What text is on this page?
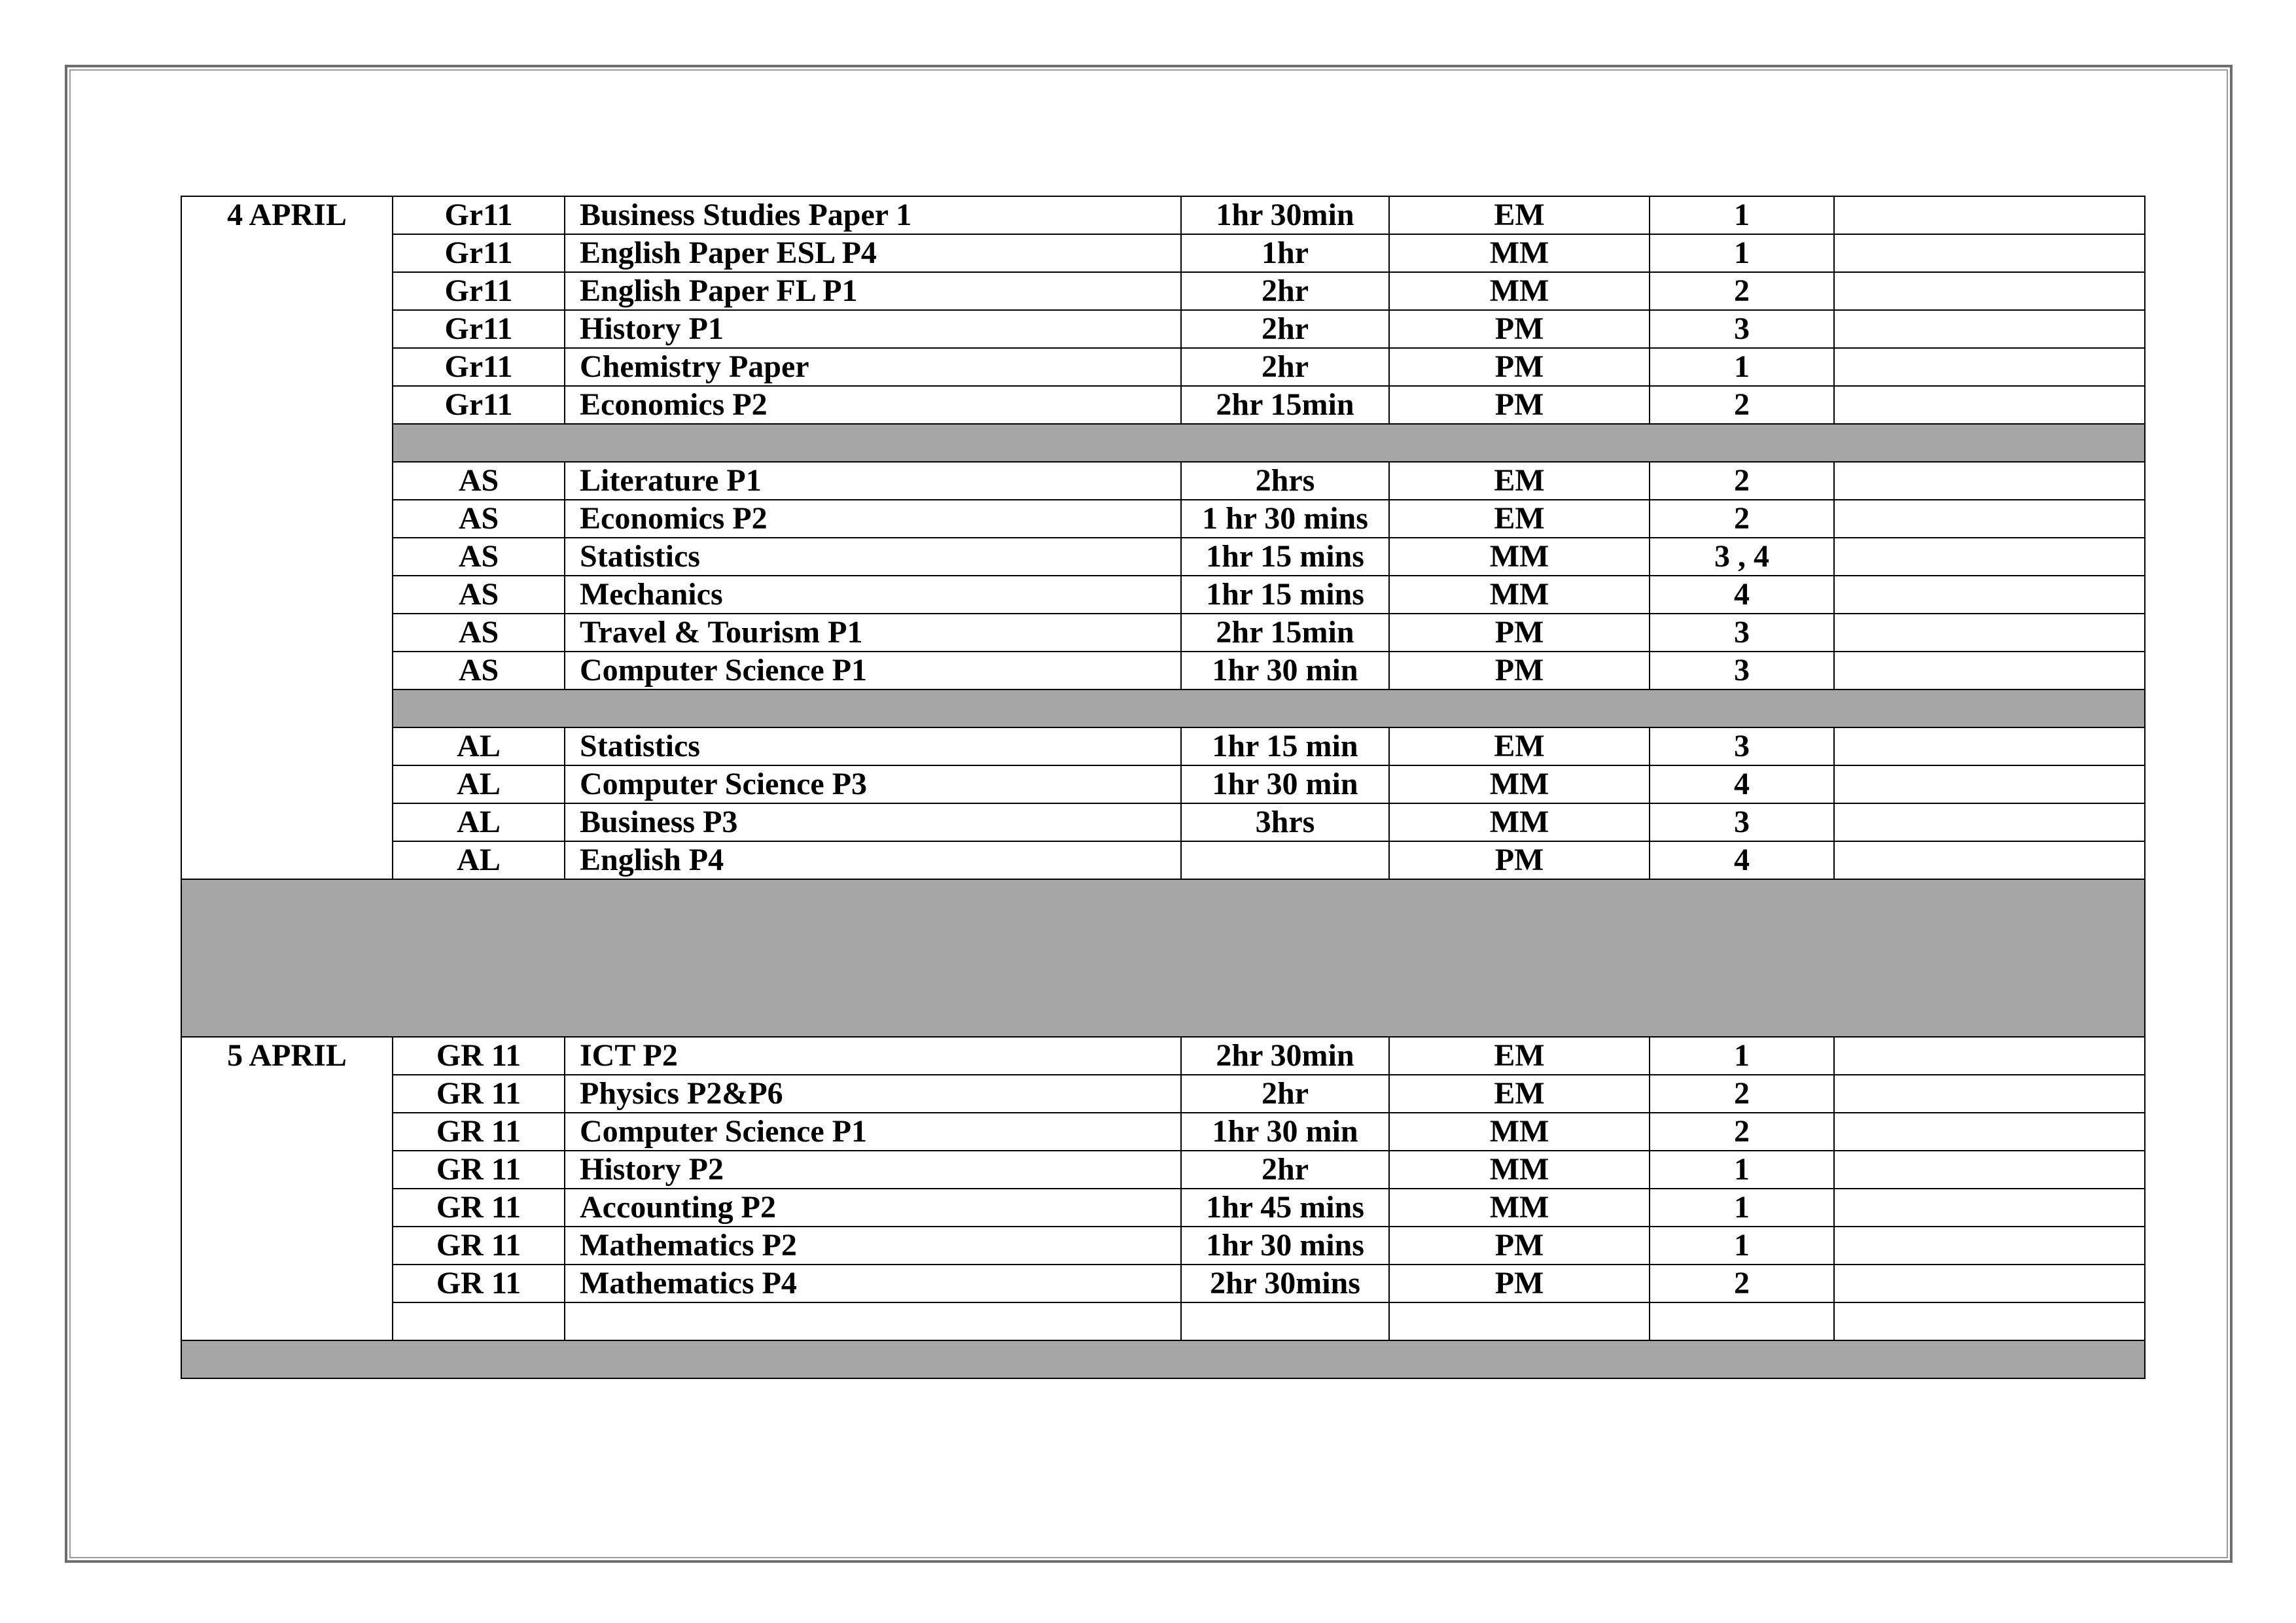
4 APRIL	Gr11	Business Studies Paper 1	1hr 30min	EM	1	
	Gr11	English Paper ESL P4	1hr	MM	1	
	Gr11	English Paper FL P1	2hr	MM	2	
	Gr11	History P1	2hr	PM	3	
	Gr11	Chemistry Paper	2hr	PM	1	
	Gr11	Economics P2	2hr 15min	PM	2	

	AS	Literature P1	2hrs	EM	2	
	AS	Economics P2	1 hr 30 mins	EM	2	
	AS	Statistics	1hr 15 mins	MM	3 , 4	
	AS	Mechanics	1hr 15 mins	MM	4	
	AS	Travel & Tourism P1	2hr 15min	PM	3	
	AS	Computer Science P1	1hr 30 min	PM	3	

	AL	Statistics	1hr 15 min	EM	3	
	AL	Computer Science P3	1hr 30 min	MM	4	
	AL	Business P3	3hrs	MM	3	
	AL	English P4		PM	4	

5 APRIL	GR 11	ICT P2	2hr 30min	EM	1	
	GR 11	Physics P2&P6	2hr	EM	2	
	GR 11	Computer Science P1	1hr 30 min	MM	2	
	GR 11	History P2	2hr	MM	1	
	GR 11	Accounting P2	1hr 45 mins	MM	1	
	GR 11	Mathematics P2	1hr 30 mins	PM	1	
	GR 11	Mathematics P4	2hr 30mins	PM	2	
